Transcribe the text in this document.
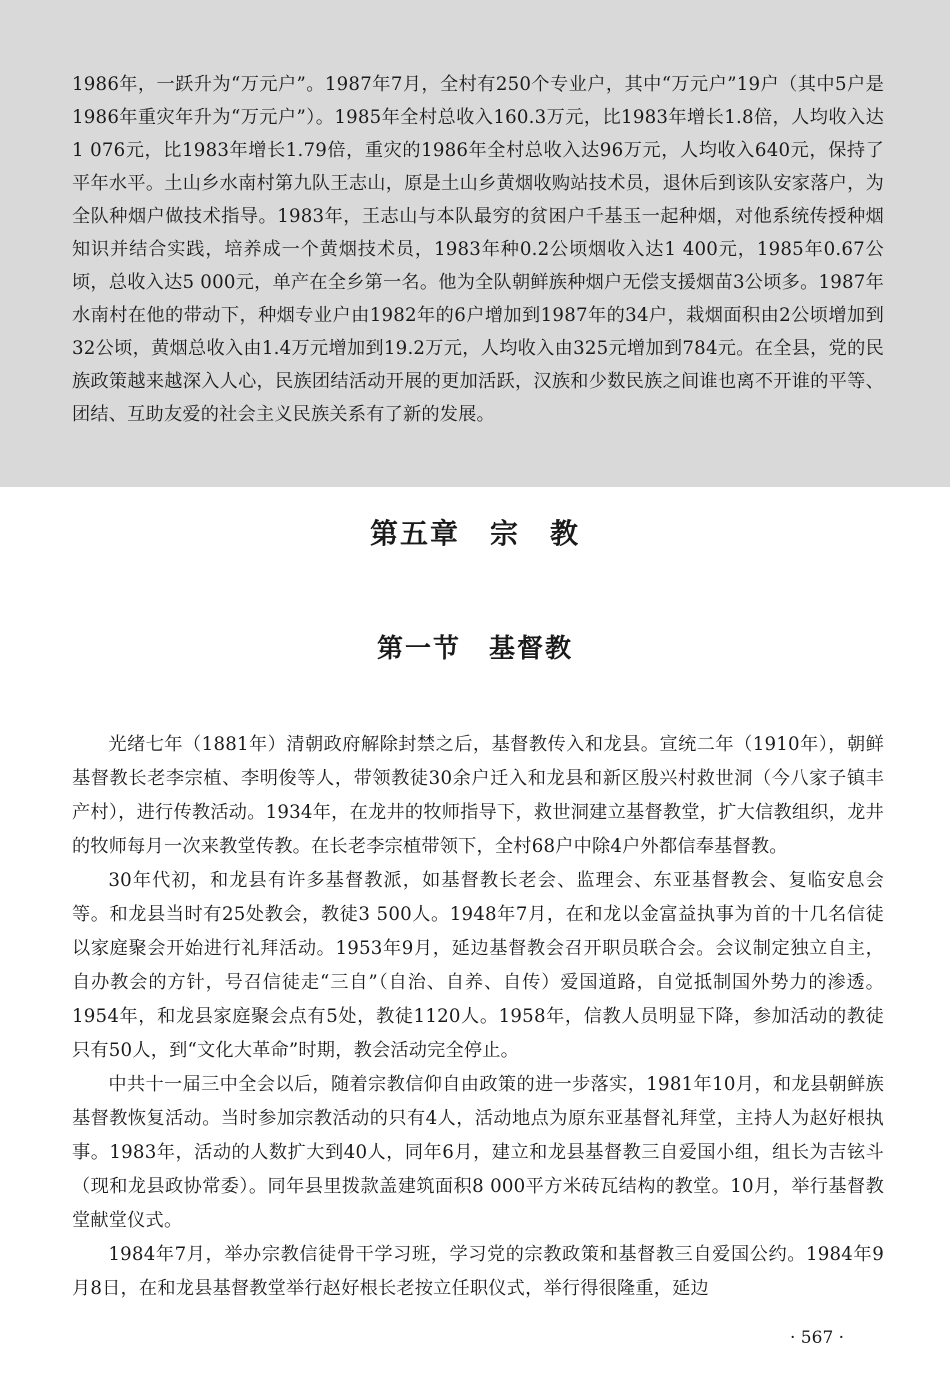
1986年，一跃升为“万元户”。1987年7月，全村有250个专业户，其中“万元户”19户（其中5户是1986年重灾年升为“万元户”）。1985年全村总收入160.3万元，比1983年增长1.8倍，人均收入达1 076元，比1983年增长1.79倍，重灾的1986年全村总收入达96万元，人均收入640元，保持了平年水平。土山乡水南村第九队王志山，原是土山乡黄烟收购站技术员，退休后到该队安家落户，为全队种烟户做技术指导。1983年，王志山与本队最穷的贫困户千基玉一起种烟，对他系统传授种烟知识并结合实践，培养成一个黄烟技术员，1983年种0.2公顷烟收入达1 400元，1985年0.67公顷，总收入达5 000元，单产在全乡第一名。他为全队朝鲜族种烟户无偿支援烟苗3公顷多。1987年水南村在他的带动下，种烟专业户由1982年的6户增加到1987年的34户，栽烟面积由2公顷增加到32公顷，黄烟总收入由1.4万元增加到19.2万元，人均收入由325元增加到784元。在全县，党的民族政策越来越深入人心，民族团结活动开展的更加活跃，汉族和少数民族之间谁也离不开谁的平等、团结、互助友爱的社会主义民族关系有了新的发展。

第五章　宗　教
第一节　基督教

光绪七年（1881年）清朝政府解除封禁之后，基督教传入和龙县。宣统二年（1910年），朝鲜基督教长老李宗植、李明俊等人，带领教徒30余户迁入和龙县和新区殷兴村救世洞（今八家子镇丰产村），进行传教活动。1934年，在龙井的牧师指导下，救世洞建立基督教堂，扩大信教组织，龙井的牧师每月一次来教堂传教。在长老李宗植带领下，全村68户中除4户外都信奉基督教。

30年代初，和龙县有许多基督教派，如基督教长老会、监理会、东亚基督教会、复临安息会等。和龙县当时有25处教会，教徒3 500人。1948年7月，在和龙以金富益执事为首的十几名信徒以家庭聚会开始进行礼拜活动。1953年9月，延边基督教会召开职员联合会。会议制定独立自主，自办教会的方针，号召信徒走“三自”（自治、自养、自传）爱国道路，自觉抵制国外势力的渗透。1954年，和龙县家庭聚会点有5处，教徒1120人。1958年，信教人员明显下降，参加活动的教徒只有50人，到“文化大革命”时期，教会活动完全停止。

中共十一届三中全会以后，随着宗教信仰自由政策的进一步落实，1981年10月，和龙县朝鲜族基督教恢复活动。当时参加宗教活动的只有4人，活动地点为原东亚基督礼拜堂，主持人为赵好根执事。1983年，活动的人数扩大到40人，同年6月，建立和龙县基督教三自爱国小组，组长为吉铉斗（现和龙县政协常委）。同年县里拨款盖建筑面积8 000平方米砖瓦结构的教堂。10月，举行基督教堂献堂仪式。

1984年7月，举办宗教信徒骨干学习班，学习党的宗教政策和基督教三自爱国公约。1984年9月8日，在和龙县基督教堂举行赵好根长老按立任职仪式，举行得很隆重，延边

· 567 ·
